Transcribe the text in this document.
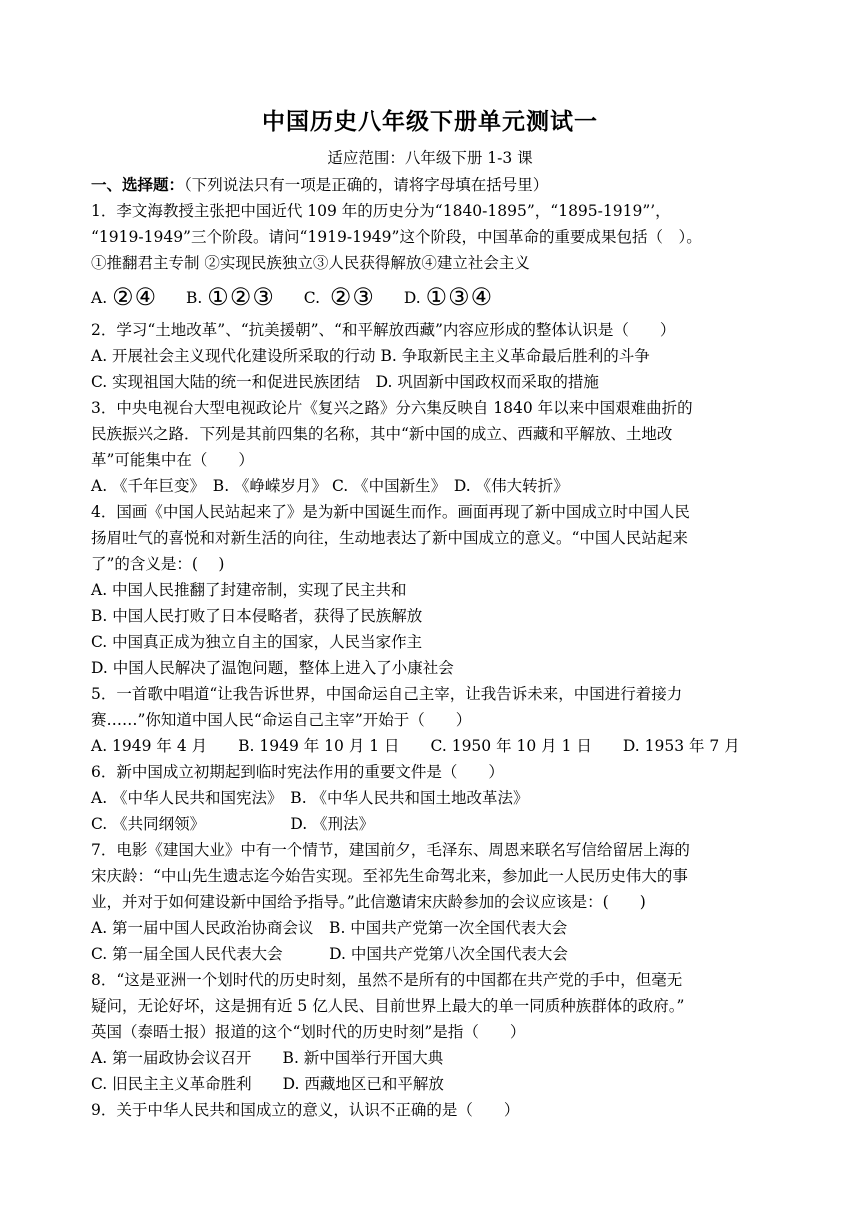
中国历史八年级下册单元测试一
适应范围：八年级下册 1-3 课
一、选择题：（下列说法只有一项是正确的，请将字母填在括号里）
1．李文海教授主张把中国近代 109 年的历史分为“1840-1895”，“1895-1919”’，
“1919-1949”三个阶段。请问“1919-1949”这个阶段，中国革命的重要成果包括（　）。
①推翻君主专制 ②实现民族独立③人民获得解放④建立社会主义
A. ②④ B. ①②③ C. ②③ D. ①③④
2．学习“土地改革”、“抗美援朝”、“和平解放西藏”内容应形成的整体认识是（　　）
A. 开展社会主义现代化建设所采取的行动 B. 争取新民主主义革命最后胜利的斗争
C. 实现祖国大陆的统一和促进民族团结　D. 巩固新中国政权而采取的措施
3．中央电视台大型电视政论片《复兴之路》分六集反映自 1840 年以来中国艰难曲折的
民族振兴之路．下列是其前四集的名称，其中“新中国的成立、西藏和平解放、土地改
革”可能集中在（　　）
A. 《千年巨变》　B. 《峥嵘岁月》 C. 《中国新生》　D. 《伟大转折》
4．国画《中国人民站起来了》是为新中国诞生而作。画面再现了新中国成立时中国人民
扬眉吐气的喜悦和对新生活的向往，生动地表达了新中国成立的意义。“中国人民站起来
了”的含义是：(　 )
A. 中国人民推翻了封建帝制，实现了民主共和
B. 中国人民打败了日本侵略者，获得了民族解放
C. 中国真正成为独立自主的国家，人民当家作主
D. 中国人民解决了温饱问题，整体上进入了小康社会
5．一首歌中唱道“让我告诉世界，中国命运自己主宰，让我告诉未来，中国进行着接力
赛……”你知道中国人民“命运自己主宰”开始于（　　）
A. 1949 年 4 月　　B. 1949 年 10 月 1 日　　C. 1950 年 10 月 1 日　　D. 1953 年 7 月
6．新中国成立初期起到临时宪法作用的重要文件是（　　）
A. 《中华人民共和国宪法》　B. 《中华人民共和国土地改革法》
C. 《共同纲领》　　　　　　D. 《刑法》
7．电影《建国大业》中有一个情节，建国前夕，毛泽东、周恩来联名写信给留居上海的
宋庆龄：“中山先生遗志迄今始告实现。至祁先生命驾北来，参加此一人民历史伟大的事
业，并对于如何建设新中国给予指导。”此信邀请宋庆龄参加的会议应该是：(　　)
A. 第一届中国人民政治协商会议　B. 中国共产党第一次全国代表大会
C. 第一届全国人民代表大会　　　D. 中国共产党第八次全国代表大会
8．“这是亚洲一个划时代的历史时刻，虽然不是所有的中国都在共产党的手中，但毫无
疑问，无论好坏，这是拥有近 5 亿人民、目前世界上最大的单一同质种族群体的政府。”
英国（泰晤士报）报道的这个“划时代的历史时刻”是指（　　）
A. 第一届政协会议召开　　B. 新中国举行开国大典
C. 旧民主主义革命胜利　　D. 西藏地区已和平解放
9．关于中华人民共和国成立的意义，认识不正确的是（　　）
